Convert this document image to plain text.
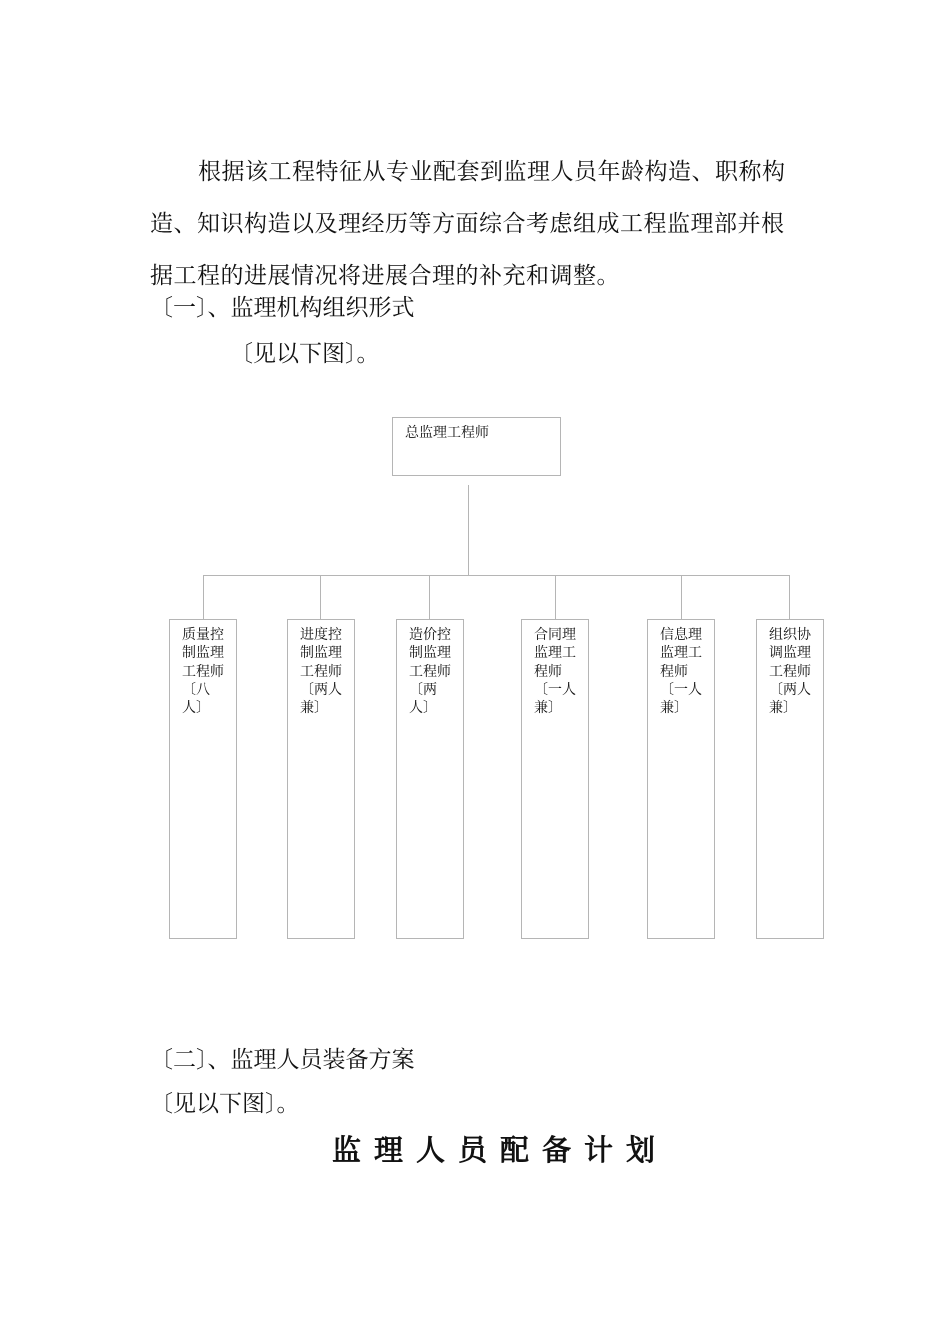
根据该工程特征从专业配套到监理人员年龄构造、职称构造、知识构造以及理经历等方面综合考虑组成工程监理部并根据工程的进展情况将进展合理的补充和调整。

〔一〕、监理机构组织形式

〔见以下图〕。

总监理工程师
质量控制监理工程师〔八人〕
进度控制监理工程师〔两人兼〕
造价控制监理工程师〔两人〕
合同理监理工程师〔一人兼〕
信息理监理工程师〔一人兼〕
组织协调监理工程师〔两人兼〕

〔二〕、监理人员装备方案

〔见以下图〕。

监理人员配备计划
